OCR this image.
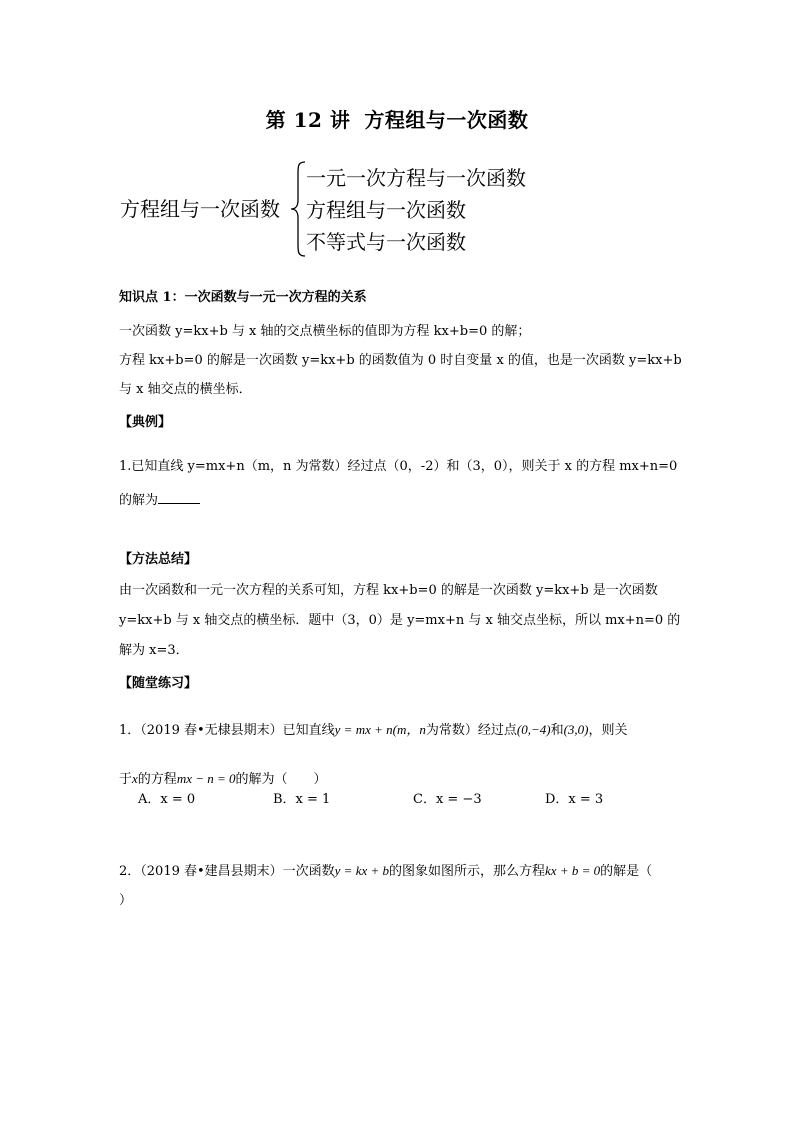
第 12 讲 方程组与一次函数
方程组与一次函数
一元一次方程与一次函数
方程组与一次函数
不等式与一次函数
知识点 1：一次函数与一元一次方程的关系
一次函数 y=kx+b 与 x 轴的交点横坐标的值即为方程 kx+b=0 的解；
方程 kx+b=0 的解是一次函数 y=kx+b 的函数值为 0 时自变量 x 的值，也是一次函数 y=kx+b
与 x 轴交点的横坐标．
【典例】
1.已知直线 y=mx+n（m，n 为常数）经过点（0，-2）和（3，0），则关于 x 的方程 mx+n=0
的解为
【方法总结】
由一次函数和一元一次方程的关系可知，方程 kx+b=0 的解是一次函数 y=kx+b 是一次函数
y=kx+b 与 x 轴交点的横坐标．题中（3，0）是 y=mx+n 与 x 轴交点坐标，所以 mx+n=0 的
解为 x=3．
【随堂练习】
1．（2019 春•无棣县期末）已知直线y = mx + n(m，n为常数）经过点(0,−4)和(3,0)，则关
于x的方程mx − n = 0的解为（　　）
A．x = 0	B．x = 1	C．x = −3	D．x = 3
2．（2019 春•建昌县期末）一次函数y = kx + b的图象如图所示，那么方程kx + b = 0的解是（
）
